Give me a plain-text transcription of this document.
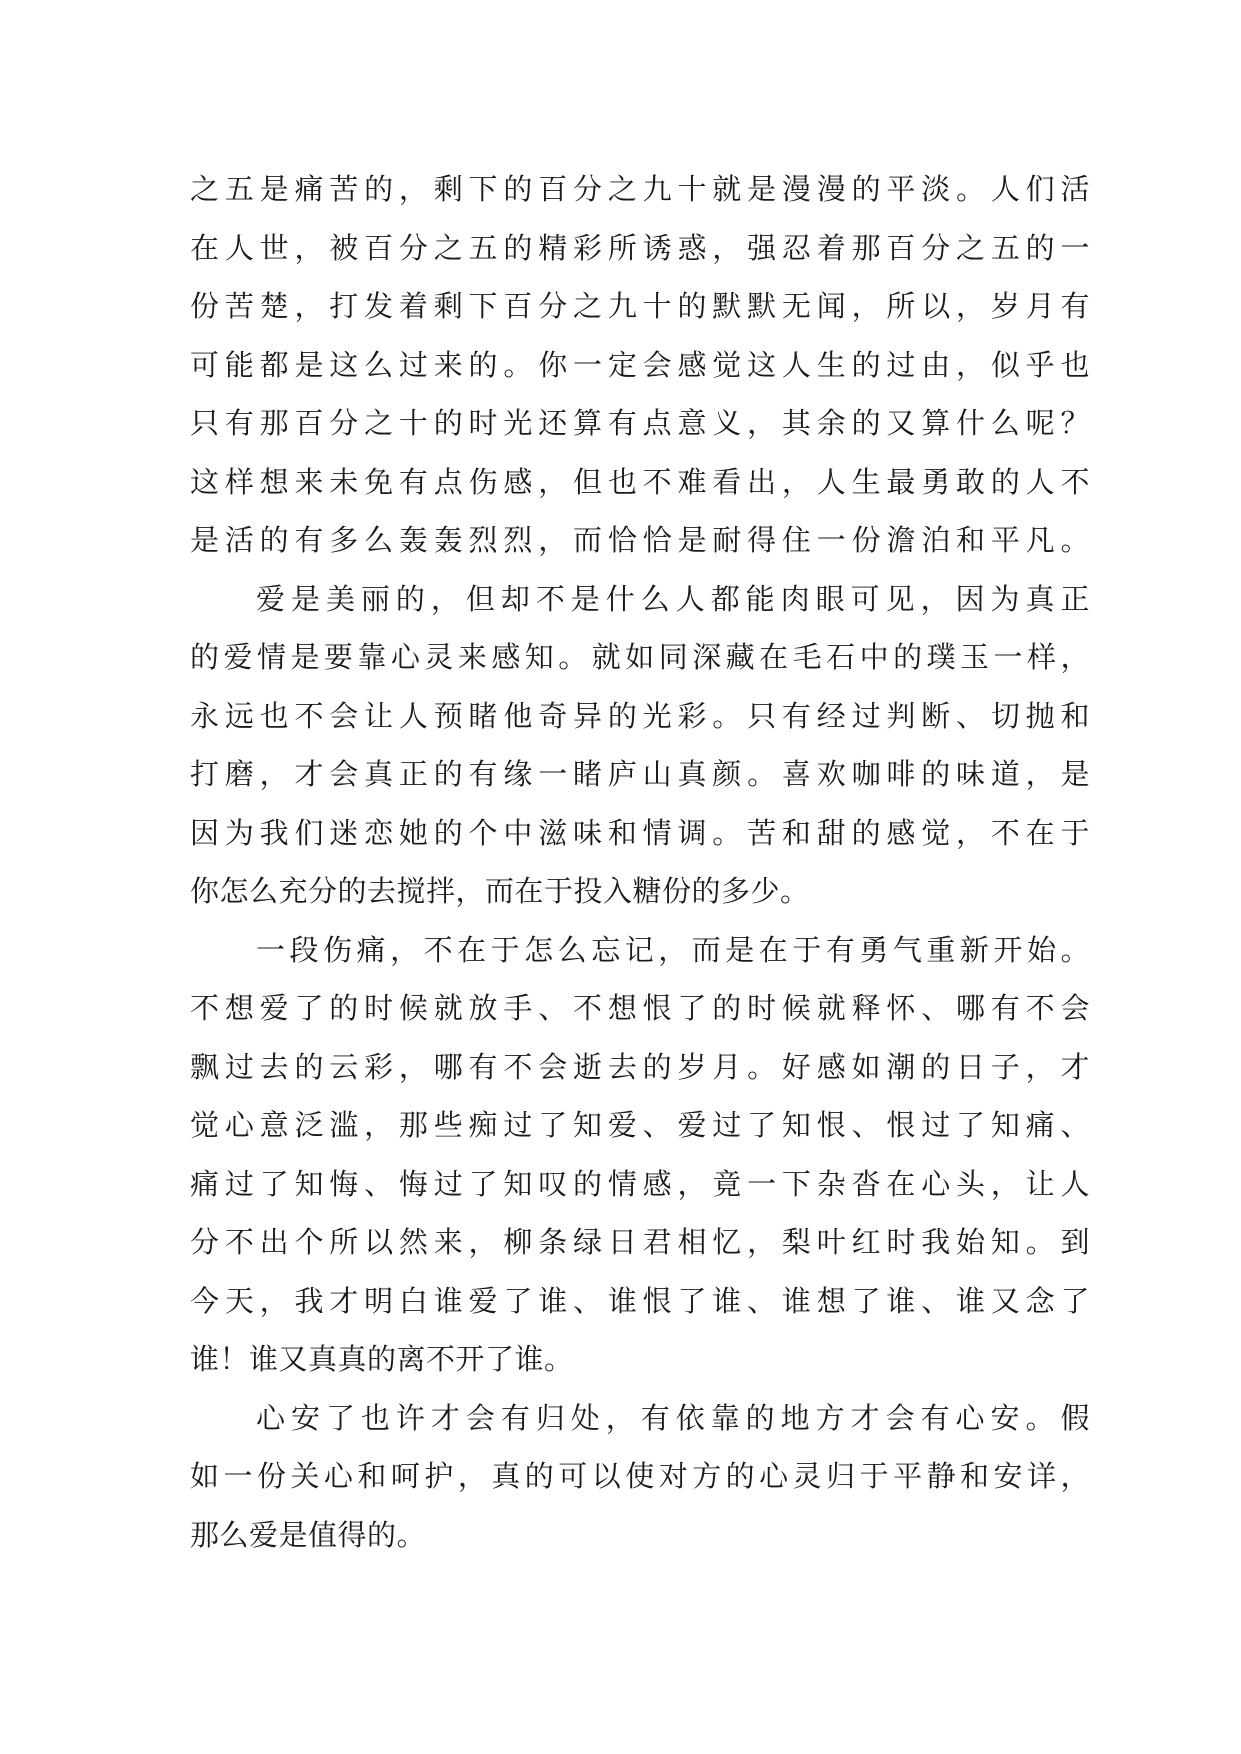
之五是痛苦的，剩下的百分之九十就是漫漫的平淡。人们活
在人世，被百分之五的精彩所诱惑，强忍着那百分之五的一
份苦楚，打发着剩下百分之九十的默默无闻，所以，岁月有
可能都是这么过来的。你一定会感觉这人生的过由，似乎也
只有那百分之十的时光还算有点意义，其余的又算什么呢？
这样想来未免有点伤感，但也不难看出，人生最勇敢的人不
是活的有多么轰轰烈烈，而恰恰是耐得住一份澹泊和平凡。
爱是美丽的，但却不是什么人都能肉眼可见，因为真正
的爱情是要靠心灵来感知。就如同深藏在毛石中的璞玉一样，
永远也不会让人预睹他奇异的光彩。只有经过判断、切抛和
打磨，才会真正的有缘一睹庐山真颜。喜欢咖啡的味道，是
因为我们迷恋她的个中滋味和情调。苦和甜的感觉，不在于
你怎么充分的去搅拌，而在于投入糖份的多少。
一段伤痛，不在于怎么忘记，而是在于有勇气重新开始。
不想爱了的时候就放手、不想恨了的时候就释怀、哪有不会
飘过去的云彩，哪有不会逝去的岁月。好感如潮的日子，才
觉心意泛滥，那些痴过了知爱、爱过了知恨、恨过了知痛、
痛过了知悔、悔过了知叹的情感，竟一下杂沓在心头，让人
分不出个所以然来，柳条绿日君相忆，梨叶红时我始知。到
今天，我才明白谁爱了谁、谁恨了谁、谁想了谁、谁又念了
谁！谁又真真的离不开了谁。
心安了也许才会有归处，有依靠的地方才会有心安。假
如一份关心和呵护，真的可以使对方的心灵归于平静和安详，
那么爱是值得的。
